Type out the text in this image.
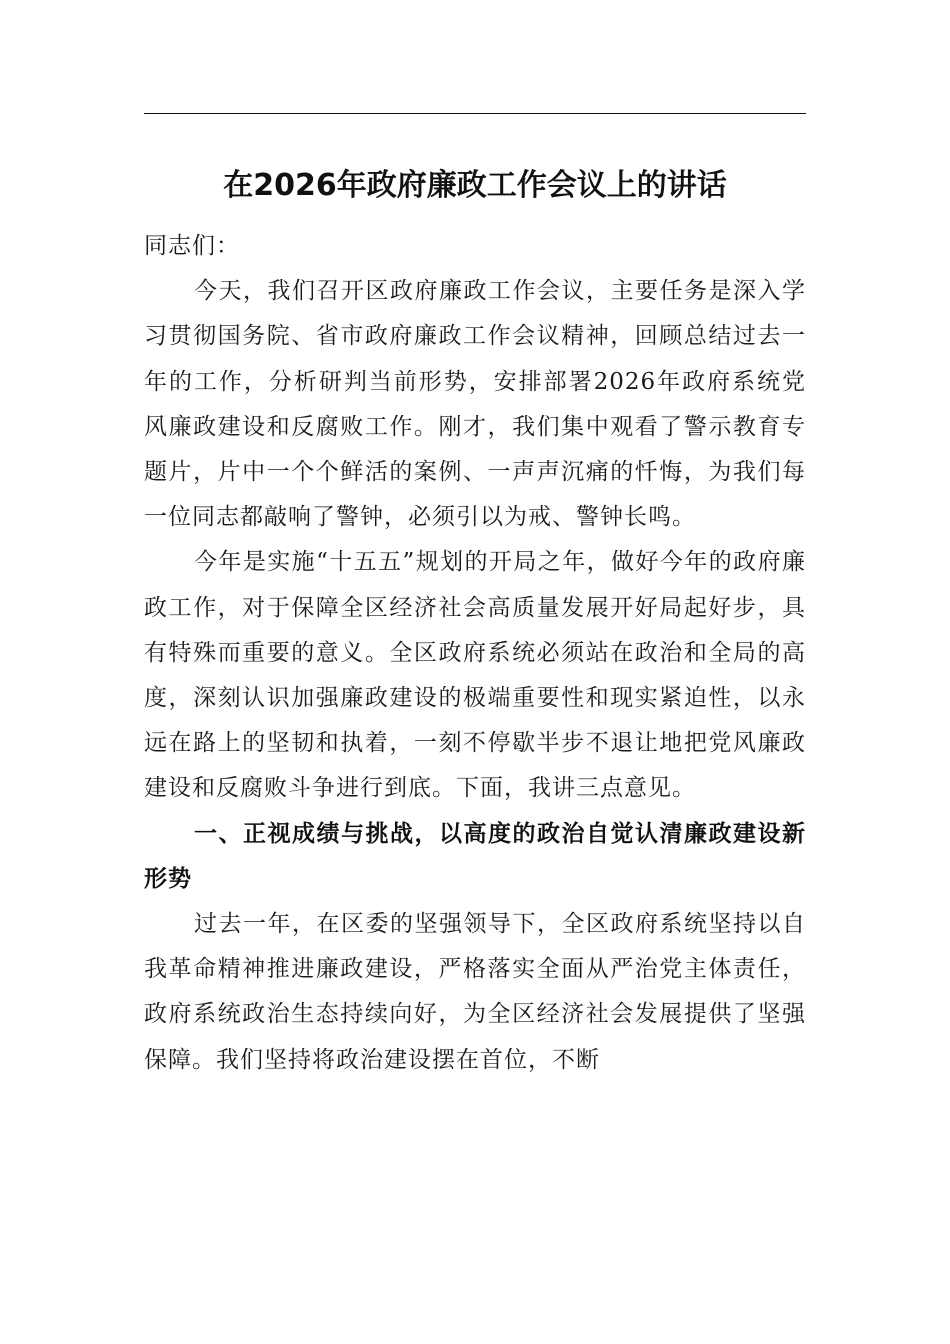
在2026年政府廉政工作会议上的讲话

同志们：

今天，我们召开区政府廉政工作会议，主要任务是深入学习贯彻国务院、省市政府廉政工作会议精神，回顾总结过去一年的工作，分析研判当前形势，安排部署2026年政府系统党风廉政建设和反腐败工作。刚才，我们集中观看了警示教育专题片，片中一个个鲜活的案例、一声声沉痛的忏悔，为我们每一位同志都敲响了警钟，必须引以为戒、警钟长鸣。

今年是实施“十五五”规划的开局之年，做好今年的政府廉政工作，对于保障全区经济社会高质量发展开好局起好步，具有特殊而重要的意义。全区政府系统必须站在政治和全局的高度，深刻认识加强廉政建设的极端重要性和现实紧迫性，以永远在路上的坚韧和执着，一刻不停歇半步不退让地把党风廉政建设和反腐败斗争进行到底。下面，我讲三点意见。

一、正视成绩与挑战，以高度的政治自觉认清廉政建设新形势

过去一年，在区委的坚强领导下，全区政府系统坚持以自我革命精神推进廉政建设，严格落实全面从严治党主体责任，政府系统政治生态持续向好，为全区经济社会发展提供了坚强保障。我们坚持将政治建设摆在首位，不断
